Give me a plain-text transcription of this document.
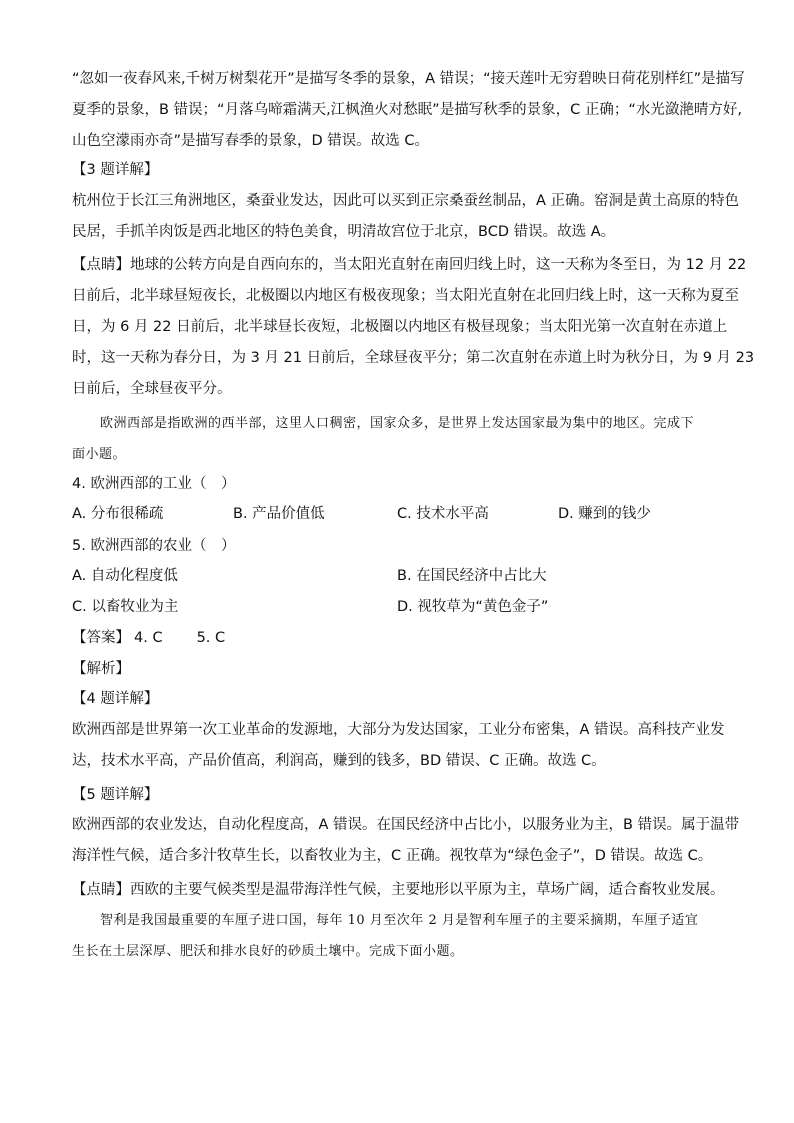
“忽如一夜春风来,千树万树梨花开”是描写冬季的景象，A 错误；“接天莲叶无穷碧映日荷花别样红”是描写
夏季的景象，B 错误；“月落乌啼霜满天,江枫渔火对愁眠”是描写秋季的景象，C 正确；“水光潋滟晴方好,
山色空濛雨亦奇”是描写春季的景象，D 错误。故选 C。
【3 题详解】
杭州位于长江三角洲地区，桑蚕业发达，因此可以买到正宗桑蚕丝制品，A 正确。窑洞是黄土高原的特色
民居，手抓羊肉饭是西北地区的特色美食，明清故宫位于北京，BCD 错误。故选 A。
【点睛】地球的公转方向是自西向东的，当太阳光直射在南回归线上时，这一天称为冬至日，为 12 月 22
日前后，北半球昼短夜长，北极圈以内地区有极夜现象；当太阳光直射在北回归线上时，这一天称为夏至
日，为 6 月 22 日前后，北半球昼长夜短，北极圈以内地区有极昼现象；当太阳光第一次直射在赤道上
时，这一天称为春分日，为 3 月 21 日前后，全球昼夜平分；第二次直射在赤道上时为秋分日，为 9 月 23
日前后，全球昼夜平分。
欧洲西部是指欧洲的西半部，这里人口稠密，国家众多，是世界上发达国家最为集中的地区。完成下
面小题。
4. 欧洲西部的工业（　）
A. 分布很稀疏	B. 产品价值低	C. 技术水平高	D. 赚到的钱少
5. 欧洲西部的农业（　）
A. 自动化程度低	B. 在国民经济中占比大
C. 以畜牧业为主	D. 视牧草为“黄色金子”
【答案】 4. C 5. C
【解析】
【4 题详解】
欧洲西部是世界第一次工业革命的发源地，大部分为发达国家，工业分布密集，A 错误。高科技产业发
达，技术水平高，产品价值高，利润高，赚到的钱多，BD 错误、C 正确。故选 C。
【5 题详解】
欧洲西部的农业发达，自动化程度高，A 错误。在国民经济中占比小，以服务业为主，B 错误。属于温带
海洋性气候，适合多汁牧草生长，以畜牧业为主，C 正确。视牧草为“绿色金子”，D 错误。故选 C。
【点睛】西欧的主要气候类型是温带海洋性气候，主要地形以平原为主，草场广阔，适合畜牧业发展。
智利是我国最重要的车厘子进口国，每年 10 月至次年 2 月是智利车厘子的主要采摘期，车厘子适宜
生长在土层深厚、肥沃和排水良好的砂质土壤中。完成下面小题。
